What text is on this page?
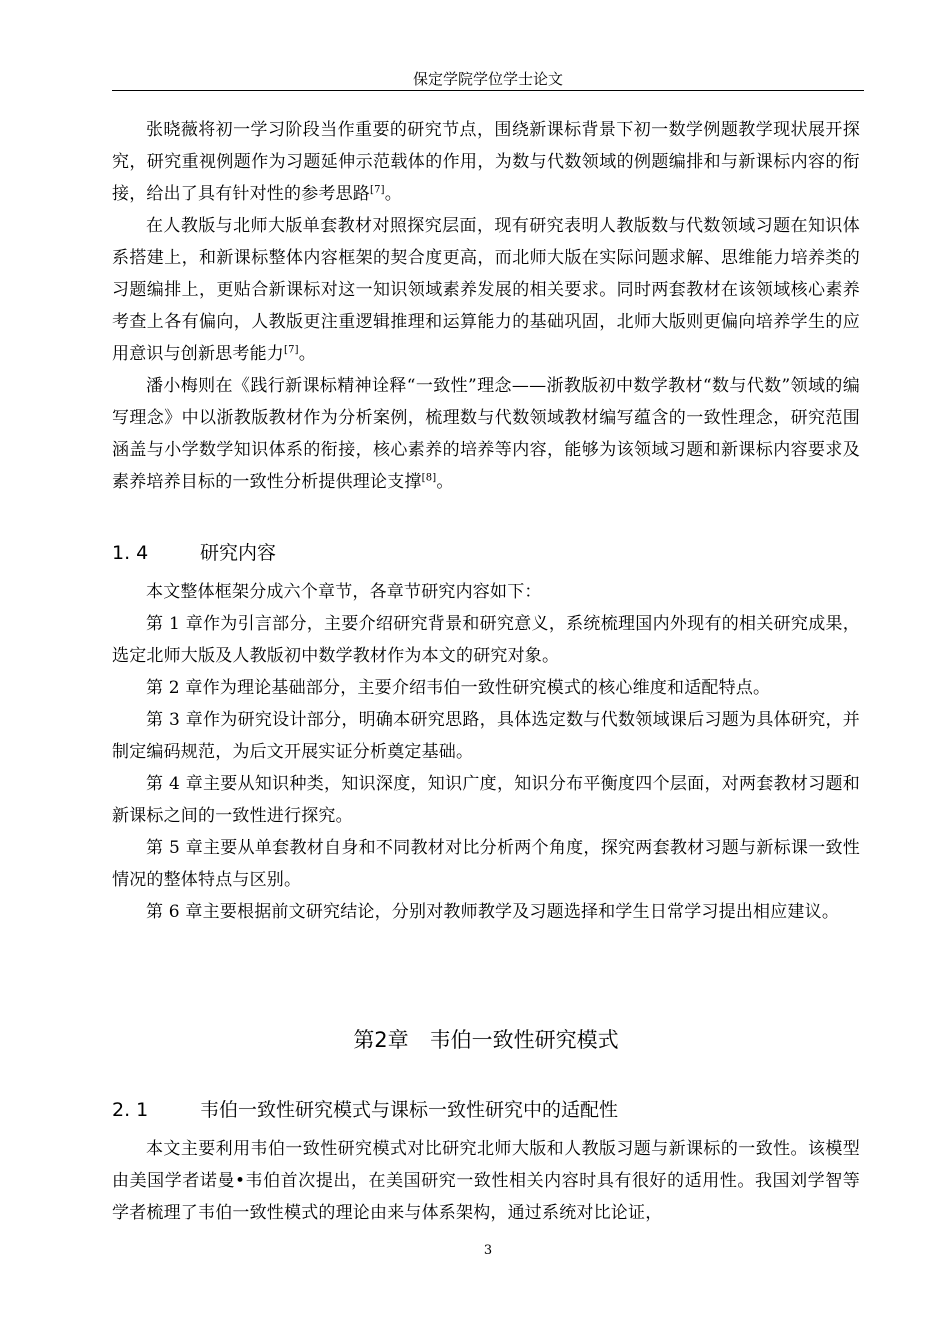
保定学院学位学士论文

张晓薇将初一学习阶段当作重要的研究节点，围绕新课标背景下初一数学例题教学现状展开探究，研究重视例题作为习题延伸示范载体的作用，为数与代数领域的例题编排和与新课标内容的衔接，给出了具有针对性的参考思路[7]。

在人教版与北师大版单套教材对照探究层面，现有研究表明人教版数与代数领域习题在知识体系搭建上，和新课标整体内容框架的契合度更高，而北师大版在实际问题求解、思维能力培养类的习题编排上，更贴合新课标对这一知识领域素养发展的相关要求。同时两套教材在该领域核心素养考查上各有偏向，人教版更注重逻辑推理和运算能力的基础巩固，北师大版则更偏向培养学生的应用意识与创新思考能力[7]。

潘小梅则在《践行新课标精神诠释“一致性”理念——浙教版初中数学教材“数与代数”领域的编写理念》中以浙教版教材作为分析案例，梳理数与代数领域教材编写蕴含的一致性理念，研究范围涵盖与小学数学知识体系的衔接，核心素养的培养等内容，能够为该领域习题和新课标内容要求及素养培养目标的一致性分析提供理论支撑[8]。

1. 4	研究内容

本文整体框架分成六个章节，各章节研究内容如下：

第 1 章作为引言部分，主要介绍研究背景和研究意义，系统梳理国内外现有的相关研究成果，选定北师大版及人教版初中数学教材作为本文的研究对象。

第 2 章作为理论基础部分，主要介绍韦伯一致性研究模式的核心维度和适配特点。

第 3 章作为研究设计部分，明确本研究思路，具体选定数与代数领域课后习题为具体研究，并制定编码规范，为后文开展实证分析奠定基础。

第 4 章主要从知识种类，知识深度，知识广度，知识分布平衡度四个层面，对两套教材习题和新课标之间的一致性进行探究。

第 5 章主要从单套教材自身和不同教材对比分析两个角度，探究两套教材习题与新标课一致性情况的整体特点与区别。

第 6 章主要根据前文研究结论，分别对教师教学及习题选择和学生日常学习提出相应建议。

第2章　韦伯一致性研究模式
2. 1	韦伯一致性研究模式与课标一致性研究中的适配性

本文主要利用韦伯一致性研究模式对比研究北师大版和人教版习题与新课标的一致性。该模型由美国学者诺曼•韦伯首次提出，在美国研究一致性相关内容时具有很好的适用性。我国刘学智等学者梳理了韦伯一致性模式的理论由来与体系架构，通过系统对比论证，

3
